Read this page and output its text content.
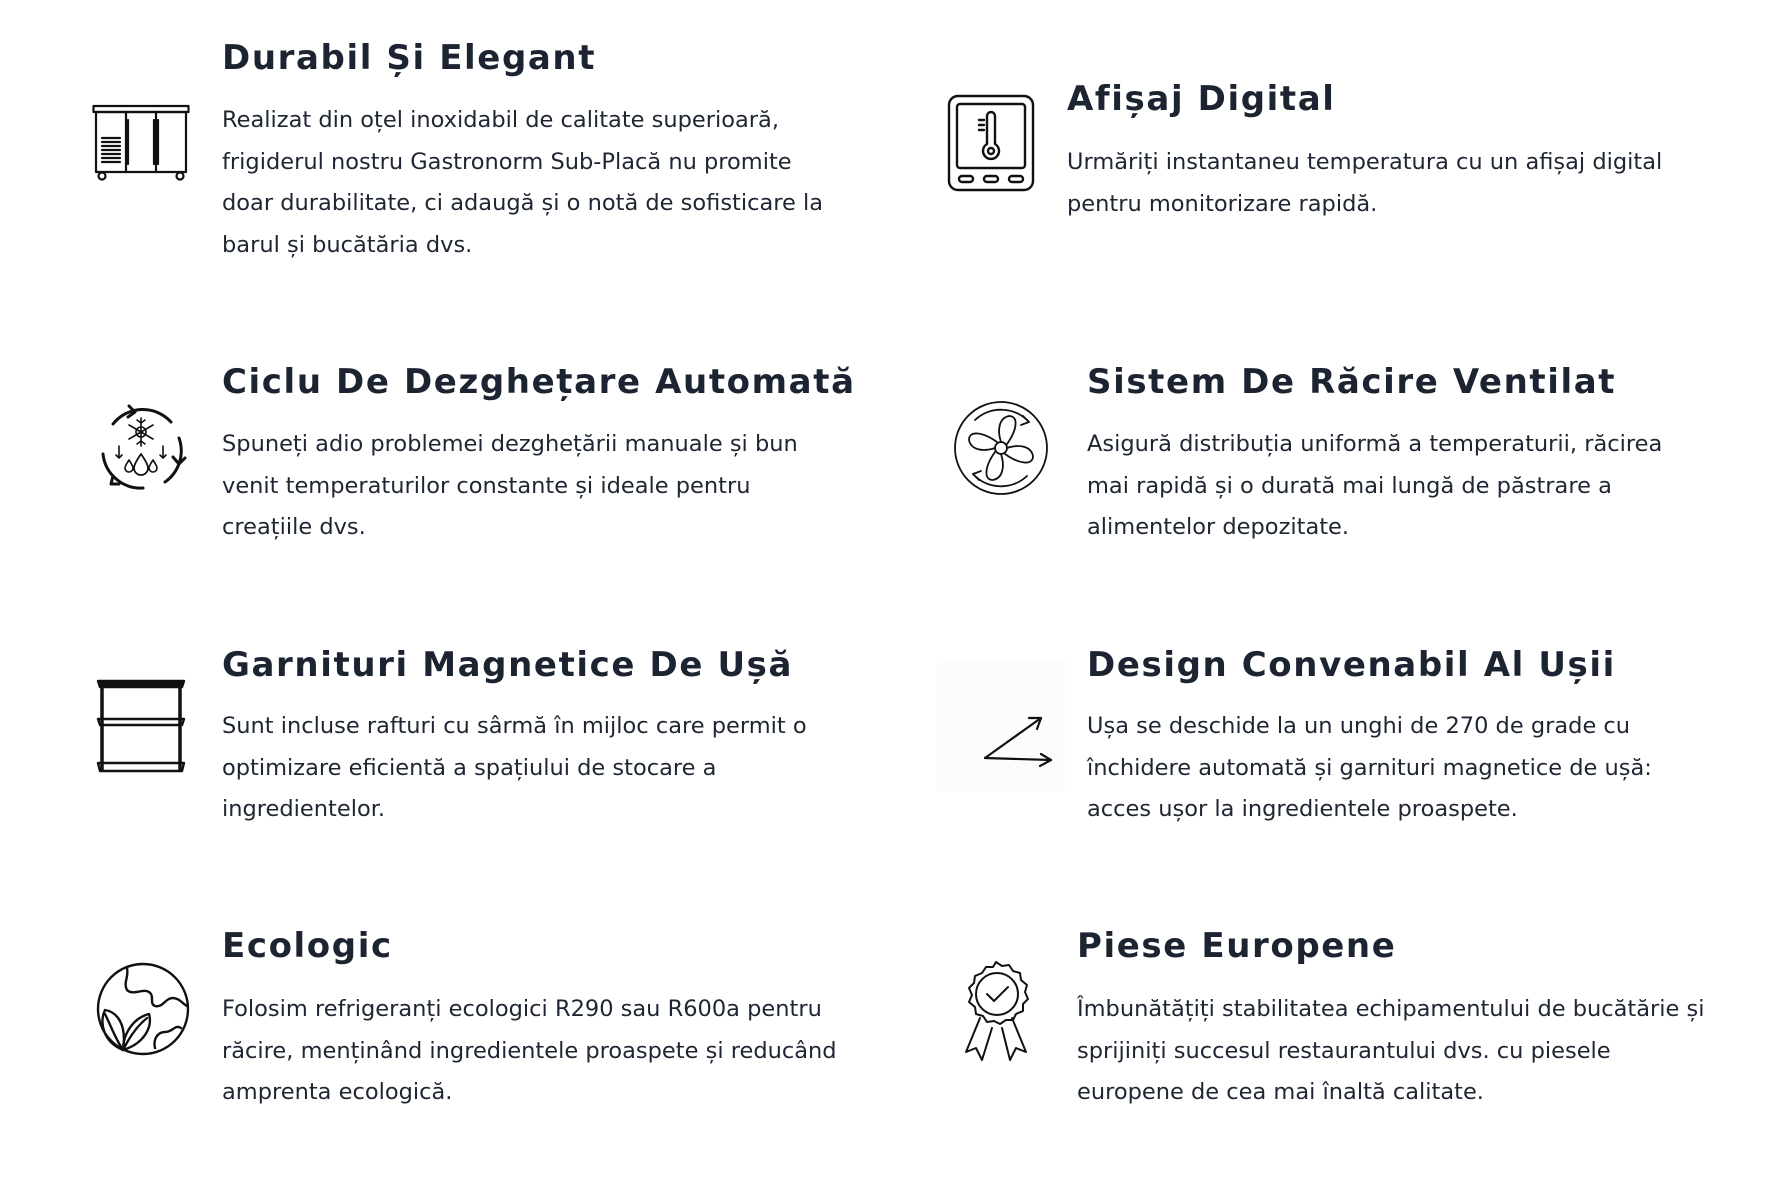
Durabil Și Elegant

Realizat din oțel inoxidabil de calitate superioară, frigiderul nostru Gastronorm Sub-Placă nu promite doar durabilitate, ci adaugă și o notă de sofisticare la barul și bucătăria dvs.

Afișaj Digital

Urmăriți instantaneu temperatura cu un afișaj digital pentru monitorizare rapidă.

Ciclu De Dezghețare Automată

Spuneți adio problemei dezghețării manuale și bun venit temperaturilor constante și ideale pentru creațiile dvs.

Sistem De Răcire Ventilat

Asigură distribuția uniformă a temperaturii, răcirea mai rapidă și o durată mai lungă de păstrare a alimentelor depozitate.

Garnituri Magnetice De Ușă

Sunt incluse rafturi cu sârmă în mijloc care permit o optimizare eficientă a spațiului de stocare a ingredientelor.

Design Convenabil Al Ușii

Ușa se deschide la un unghi de 270 de grade cu închidere automată și garnituri magnetice de ușă: acces ușor la ingredientele proaspete.

Ecologic

Folosim refrigeranți ecologici R290 sau R600a pentru răcire, menținând ingredientele proaspete și reducând amprenta ecologică.

Piese Europene

Îmbunătățiți stabilitatea echipamentului de bucătărie și sprijiniți succesul restaurantului dvs. cu piesele europene de cea mai înaltă calitate.
